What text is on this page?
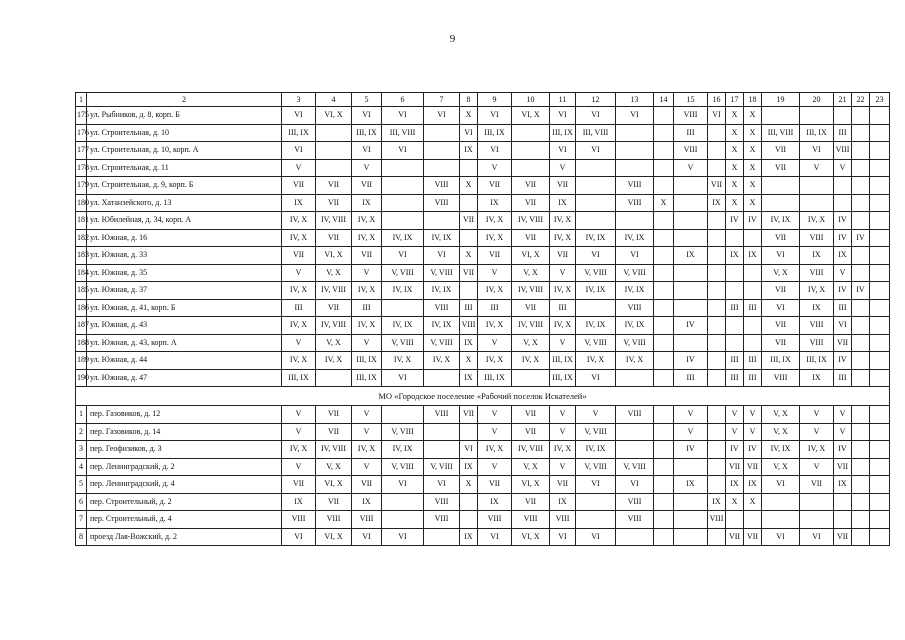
9
1	2	3	4	5	6	7	8	9	10	11	12	13	14	15	16	17	18	19	20	21	22	23
175	ул. Рыбников, д. 8, корп. Б	VI	VI, X	VI	VI	VI	X	VI	VI, X	VI	VI	VI		VIII	VI	X	X					
176	ул. Строительная, д. 10	III, IX		III, IX	III, VIII		VI	III, IX		III, IX	III, VIII			III		X	X	III, VIII	III, IX	III		
177	ул. Строительная, д. 10, корп. А	VI		VI	VI		IX	VI		VI	VI			VIII		X	X	VII	VI	VIII		
178	ул. Строительная, д. 11	V		V				V		V				V		X	X	VII	V	V		
179	ул. Строительная, д. 9, корп. Б	VII	VII	VII		VIII	X	VII	VII	VII		VIII			VII	X	X					
180	ул. Хатанзейского, д. 13	IX	VII	IX		VIII		IX	VII	IX		VIII	X		IX	X	X					
181	ул. Юбилейная, д. 34, корп. А	IV, X	IV, VIII	IV, X			VII	IV, X	IV, VIII	IV, X						IV	IV	IV, IX	IV, X	IV		
182	ул. Южная, д. 16	IV, X	VII	IV, X	IV, IX	IV, IX		IV, X	VII	IV, X	IV, IX	IV, IX						VII	VIII	IV	IV	
183	ул. Южная, д. 33	VII	VI, X	VII	VI	VI	X	VII	VI, X	VII	VI	VI		IX		IX	IX	VI	IX	IX		
184	ул. Южная, д. 35	V	V, X	V	V, VIII	V, VIII	VII	V	V, X	V	V, VIII	V, VIII						V, X	VIII	V		
185	ул. Южная, д. 37	IV, X	IV, VIII	IV, X	IV, IX	IV, IX		IV, X	IV, VIII	IV, X	IV, IX	IV, IX						VII	IV, X	IV	IV	
186	ул. Южная, д. 41, корп. Б	III	VII	III		VIII	III	III	VII	III		VIII				III	III	VI	IX	III		
187	ул. Южная, д. 43	IV, X	IV, VIII	IV, X	IV, IX	IV, IX	VIII	IV, X	IV, VIII	IV, X	IV, IX	IV, IX		IV				VII	VIII	VI		
188	ул. Южная, д. 43, корп. А	V	V, X	V	V, VIII	V, VIII	IX	V	V, X	V	V, VIII	V, VIII						VII	VIII	VII		
189	ул. Южная, д. 44	IV, X	IV, X	III, IX	IV, X	IV, X	X	IV, X	IV, X	III, IX	IV, X	IV, X		IV		III	III	III, IX	III, IX	IV		
190	ул. Южная, д. 47	III, IX		III, IX	VI		IX	III, IX		III, IX	VI			III		III	III	VIII	IX	III		
МО «Городское поселение «Рабочий поселок Искателей»																						
1	пер. Газовиков, д. 12	V	VII	V		VIII	VII	V	VII	V	V	VIII		V		V	V	V, X	V	V		
2	пер. Газовиков, д. 14	V	VII	V	V, VIII			V	VII	V	V, VIII			V		V	V	V, X	V	V		
3	пер. Геофизиков, д. 3	IV, X	IV, VIII	IV, X	IV, IX		VI	IV, X	IV, VIII	IV, X	IV, IX			IV		IV	IV	IV, IX	IV, X	IV		
4	пер. Ленинградский, д. 2	V	V, X	V	V, VIII	V, VIII	IX	V	V, X	V	V, VIII	V, VIII				VII	VII	V, X	V	VII		
5	пер. Ленинградский, д. 4	VII	VI, X	VII	VI	VI	X	VII	VI, X	VII	VI	VI		IX		IX	IX	VI	VII	IX		
6	пер. Строительный, д. 2	IX	VII	IX		VIII		IX	VII	IX		VIII			IX	X	X					
7	пер. Строительный, д. 4	VIII	VIII	VIII		VIII		VIII	VIII	VIII		VIII			VIII							
8	проезд Лая-Вожский, д. 2	VI	VI, X	VI	VI		IX	VI	VI, X	VI	VI					VII	VII	VI	VI	VII		
